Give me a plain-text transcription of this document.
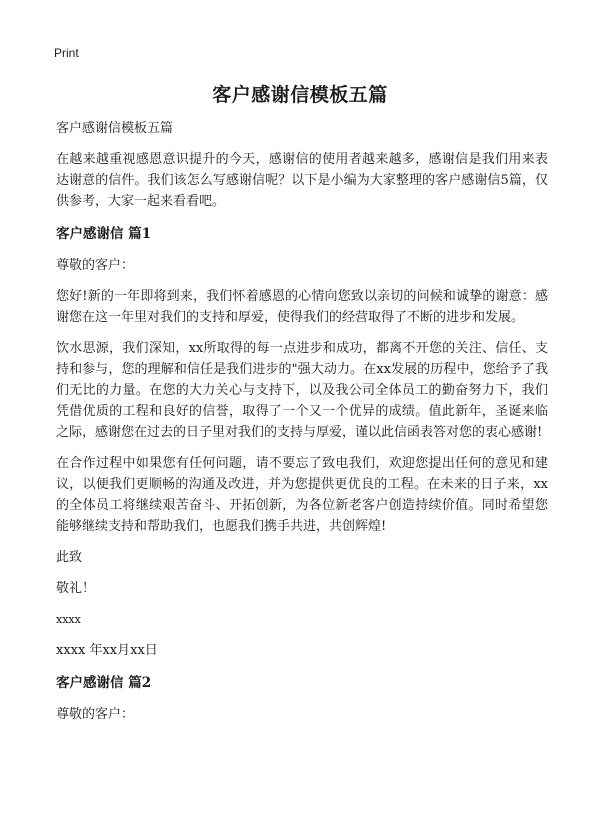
Print
客户感谢信模板五篇

客户感谢信模板五篇

在越来越重视感恩意识提升的今天，感谢信的使用者越来越多，感谢信是我们用来表达谢意的信件。我们该怎么写感谢信呢？以下是小编为大家整理的客户感谢信5篇，仅供参考，大家一起来看看吧。

客户感谢信 篇1

尊敬的客户：

您好!新的一年即将到来，我们怀着感恩的心情向您致以亲切的问候和诚挚的谢意：感谢您在这一年里对我们的支持和厚爱，使得我们的经营取得了不断的进步和发展。

饮水思源，我们深知，xx所取得的每一点进步和成功，都离不开您的关注、信任、支持和参与，您的理解和信任是我们进步的"强大动力。在xx发展的历程中，您给予了我们无比的力量。在您的大力关心与支持下，以及我公司全体员工的勤奋努力下，我们凭借优质的工程和良好的信誉，取得了一个又一个优异的成绩。值此新年，圣诞来临之际，感谢您在过去的日子里对我们的支持与厚爱，谨以此信函表答对您的衷心感谢!

在合作过程中如果您有任何问题，请不要忘了致电我们，欢迎您提出任何的意见和建议，以便我们更顺畅的沟通及改进，并为您提供更优良的工程。在未来的日子来，xx的全体员工将继续艰苦奋斗、开拓创新，为各位新老客户创造持续价值。同时希望您能够继续支持和帮助我们，也愿我们携手共进，共创辉煌!

此致

敬礼！

xxxx

xxxx 年xx月xx日

客户感谢信 篇2

尊敬的客户：
